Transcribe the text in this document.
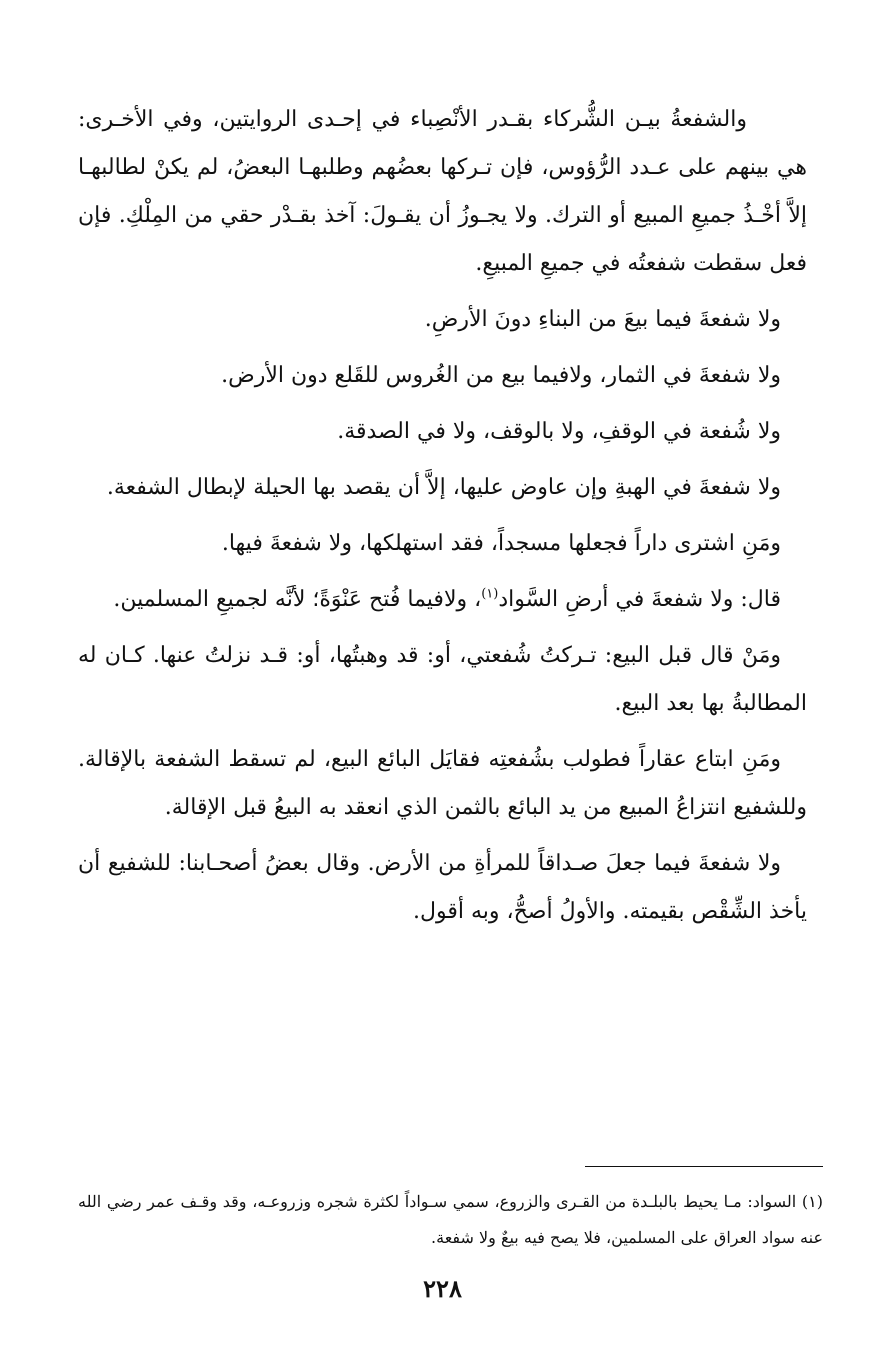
والشفعةُ بيـن الشُّركاء بقـدر الأنْصِباء في إحـدى الروايتين، وفي الأخـرى: هي بينهم على عـدد الرُّؤوس، فإن تـركها بعضُهم وطلبهـا البعضُ، لم يكنْ لطالبهـا إلاَّ أخْـذُ جميعِ المبيع أو الترك. ولا يجـوزُ أن يقـولَ: آخذ بقـدْر حقي من المِلْكِ. فإن فعل سقطت شفعتُه في جميعِ المبيعِ.

ولا شفعةَ فيما بيعَ من البناءِ دونَ الأرضِ.

ولا شفعةَ في الثمار، ولافيما بيع من الغُروس للقَلع دون الأرض.

ولا شُفعة في الوقفِ، ولا بالوقف، ولا في الصدقة.

ولا شفعةَ في الهبةِ وإن عاوض عليها، إلاَّ أن يقصد بها الحيلة لإبطال الشفعة.

ومَنِ اشترى داراً فجعلها مسجداً، فقد استهلكها، ولا شفعةَ فيها.

قال: ولا شفعةَ في أرضِ السَّواد$^{(١)}$، ولافيما فُتح عَنْوَةً؛ لأنَّه لجميعِ المسلمين.

ومَنْ قال قبل البيع: تـركتُ شُفعتي، أو: قد وهبتُها، أو: قـد نزلتُ عنها. كـان له المطالبةُ بها بعد البيع.

ومَنِ ابتاع عقاراً فطولب بشُفعتِه فقايَل البائع البيع، لم تسقط الشفعة بالإقالة. وللشفيع انتزاعُ المبيع من يد البائع بالثمن الذي انعقد به البيعُ قبل الإقالة.

ولا شفعةَ فيما جعلَ صـداقاً للمرأةِ من الأرض. وقال بعضُ أصحـابنا: للشفيع أن يأخذ الشِّقْص بقيمته. والأولُ أصحُّ، وبه أقول.

(١) السواد: مـا يحيط بالبلـدة من القـرى والزروع، سمي سـواداً لكثرة شجره وزروعـه، وقد وقـف عمر رضي الله عنه سواد العراق على المسلمين، فلا يصح فيه بيعٌ ولا شفعة.

٢٢٨
